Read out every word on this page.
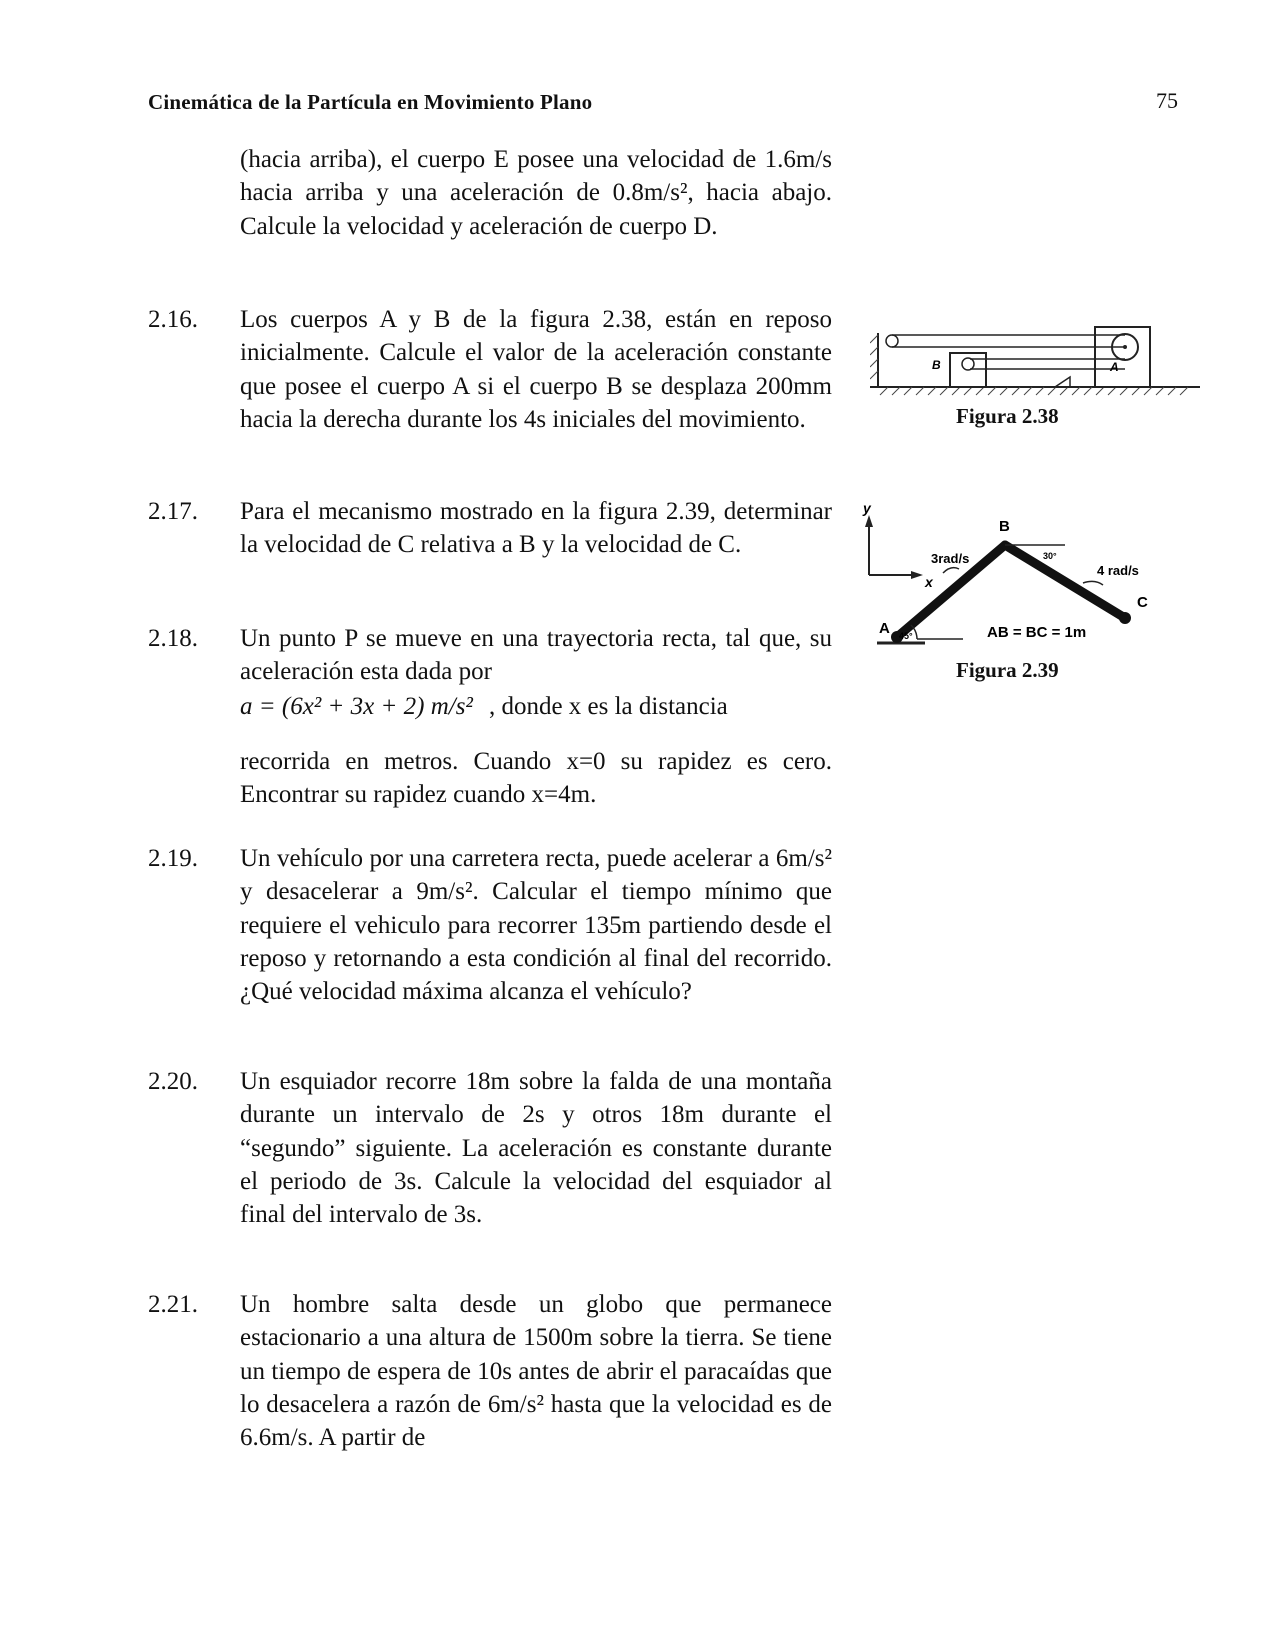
Cinemática de la Partícula en Movimiento Plano	75
(hacia arriba), el cuerpo E posee una velocidad de 1.6m/s hacia arriba y una aceleración de 0.8m/s², hacia abajo. Calcule la velocidad y aceleración de cuerpo D.
2.16. Los cuerpos A y B de la figura 2.38, están en reposo inicialmente. Calcule el valor de la aceleración constante que posee el cuerpo A si el cuerpo B se desplaza 200mm hacia la derecha durante los 4s iniciales del movimiento.
2.17. Para el mecanismo mostrado en la figura 2.39, determinar la velocidad de C relativa a B y la velocidad de C.
2.18. Un punto P se mueve en una trayectoria recta, tal que, su aceleración esta dada por
a = (6x² + 3x + 2) m/s² , donde x es la distancia
recorrida en metros. Cuando x=0 su rapidez es cero. Encontrar su rapidez cuando x=4m.
2.19. Un vehículo por una carretera recta, puede acelerar a 6m/s² y desacelerar a 9m/s². Calcular el tiempo mínimo que requiere el vehiculo para recorrer 135m partiendo desde el reposo y retornando a esta condición al final del recorrido. ¿Qué velocidad máxima alcanza el vehículo?
2.20. Un esquiador recorre 18m sobre la falda de una montaña durante un intervalo de 2s y otros 18m durante el “segundo” siguiente. La aceleración es constante durante el periodo de 3s. Calcule la velocidad del esquiador al final del intervalo de 3s.
2.21. Un hombre salta desde un globo que permanece estacionario a una altura de 1500m sobre la tierra. Se tiene un tiempo de espera de 10s antes de abrir el paracaídas que lo desacelera a razón de 6m/s² hasta que la velocidad es de 6.6m/s. A partir de
B	A
Figura 2.38
y
x
B
A
C
3rad/s
4 rad/s
30°
45°	AB = BC = 1m
Figura 2.39
